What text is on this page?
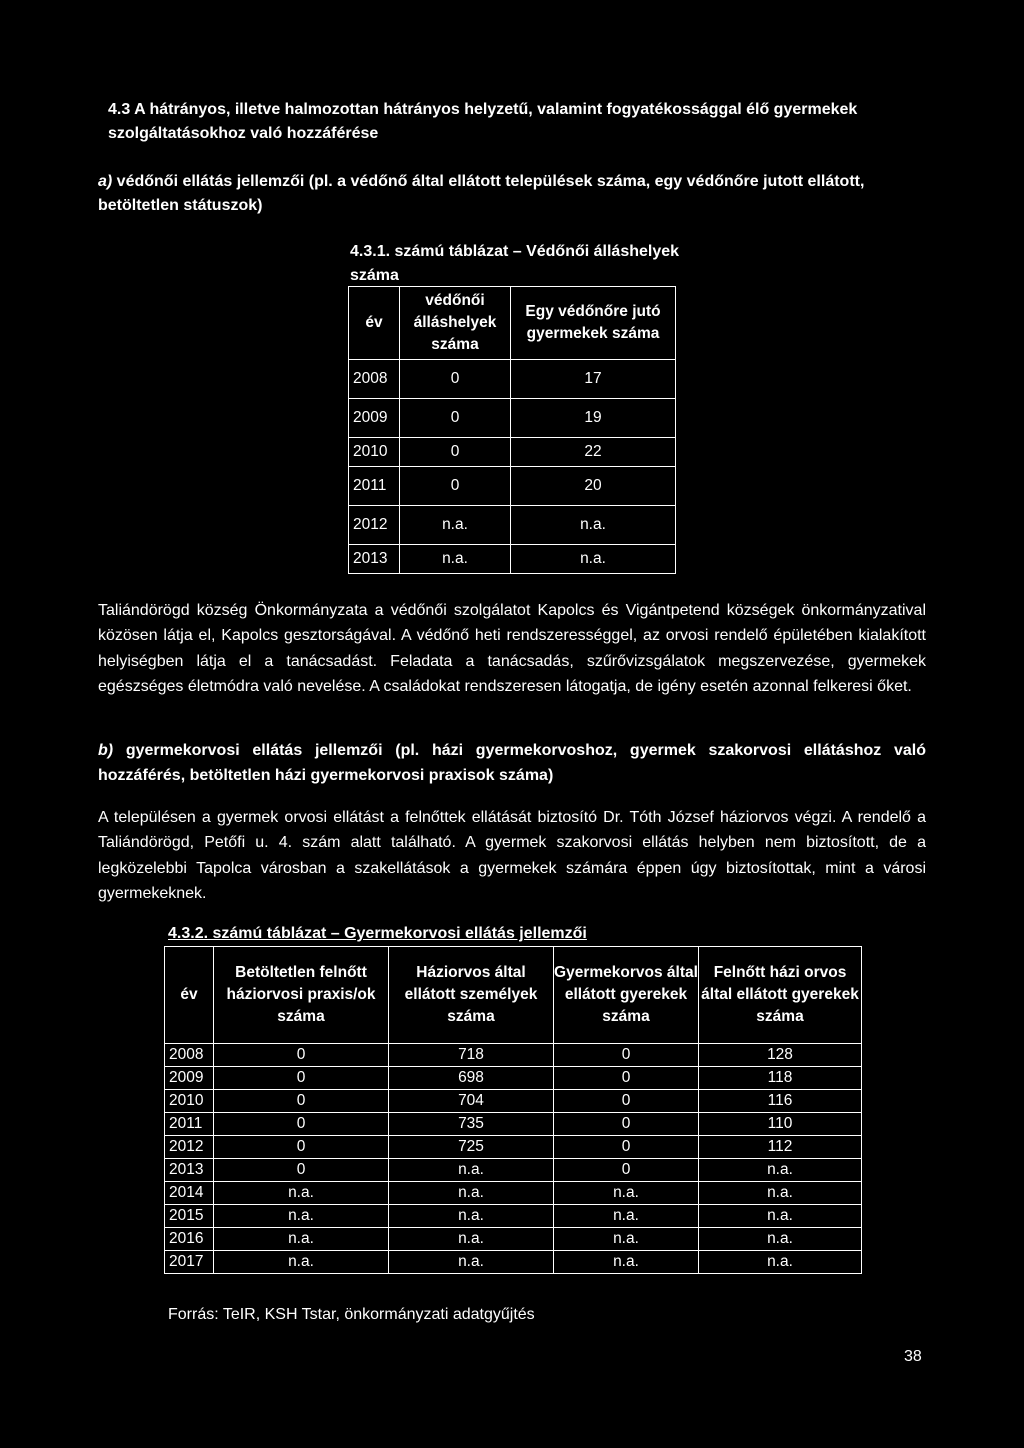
4.3 A hátrányos, illetve halmozottan hátrányos helyzetű, valamint fogyatékossággal élő gyermekek szolgáltatásokhoz való hozzáférése
a) védőnői ellátás jellemzői (pl. a védőnő által ellátott települések száma, egy védőnőre jutott ellátott, betöltetlen státuszok)
4.3.1. számú táblázat – Védőnői álláshelyek száma
év	védőnői álláshelyek száma	Egy védőnőre jutó gyermekek száma
2008	0	17
2009	0	19
2010	0	22
2011	0	20
2012	n.a.	n.a.
2013	n.a.	n.a.
Taliándörögd község Önkormányzata a védőnői szolgálatot Kapolcs és Vigántpetend községek önkormányzatival közösen látja el, Kapolcs gesztorságával. A védőnő heti rendszerességgel, az orvosi rendelő épületében kialakított helyiségben látja el a tanácsadást. Feladata a tanácsadás, szűrővizsgálatok megszervezése, gyermekek egészséges életmódra való nevelése. A családokat rendszeresen látogatja, de igény esetén azonnal felkeresi őket.
b) gyermekorvosi ellátás jellemzői (pl. házi gyermekorvoshoz, gyermek szakorvosi ellátáshoz való hozzáférés, betöltetlen házi gyermekorvosi praxisok száma)
A településen a gyermek orvosi ellátást a felnőttek ellátását biztosító Dr. Tóth József háziorvos végzi. A rendelő a Taliándörögd, Petőfi u. 4. szám alatt található. A gyermek szakorvosi ellátás helyben nem biztosított, de a legközelebbi Tapolca városban a szakellátások a gyermekek számára éppen úgy biztosítottak, mint a városi gyermekeknek.
4.3.2. számú táblázat – Gyermekorvosi ellátás jellemzői
év	Betöltetlen felnőtt háziorvosi praxis/ok száma	Háziorvos által ellátott személyek száma	Gyermekorvos által ellátott gyerekek száma	Felnőtt házi orvos által ellátott gyerekek száma
2008	0	718	0	128
2009	0	698	0	118
2010	0	704	0	116
2011	0	735	0	110
2012	0	725	0	112
2013	0	n.a.	0	n.a.
2014	n.a.	n.a.	n.a.	n.a.
2015	n.a.	n.a.	n.a.	n.a.
2016	n.a.	n.a.	n.a.	n.a.
2017	n.a.	n.a.	n.a.	n.a.
Forrás: TeIR, KSH Tstar, önkormányzati adatgyűjtés
38
